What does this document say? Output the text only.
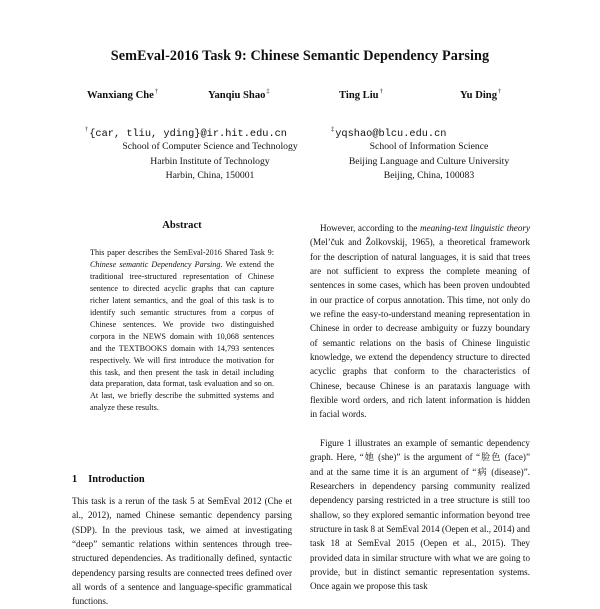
SemEval-2016 Task 9: Chinese Semantic Dependency Parsing
Wanxiang Che†	Yanqiu Shao‡	Ting Liu†	Yu Ding†
†{car, tliu, yding}@ir.hit.edu.cn	‡yqshao@blcu.edu.cn
School of Computer Science and Technology
Harbin Institute of Technology
Harbin, China, 150001
School of Information Science
Beijing Language and Culture University
Beijing, China, 100083
Abstract
This paper describes the SemEval-2016 Shared Task 9: Chinese semantic Dependency Parsing. We extend the traditional tree-structured representation of Chinese sentence to directed acyclic graphs that can capture richer latent semantics, and the goal of this task is to identify such semantic structures from a corpus of Chinese sentences. We provide two distinguished corpora in the NEWS domain with 10,068 sentences and the TEXTBOOKS domain with 14,793 sentences respectively. We will first introduce the motivation for this task, and then present the task in detail including data preparation, data format, task evaluation and so on. At last, we briefly describe the submitted systems and analyze these results.
1 Introduction

This task is a rerun of the task 5 at SemEval 2012 (Che et al., 2012), named Chinese semantic dependency parsing (SDP). In the previous task, we aimed at investigating “deep” semantic relations within sentences through tree-structured dependencies. As traditionally defined, syntactic dependency parsing results are connected trees defined over all words of a sentence and language-specific grammatical functions.

However, according to the meaning-text linguistic theory (Mel’čuk and Žolkovskij, 1965), a theoretical framework for the description of natural languages, it is said that trees are not sufficient to express the complete meaning of sentences in some cases, which has been proven undoubted in our practice of corpus annotation. This time, not only do we refine the easy-to-understand meaning representation in Chinese in order to decrease ambiguity or fuzzy boundary of semantic relations on the basis of Chinese linguistic knowledge, we extend the dependency structure to directed acyclic graphs that conform to the characteristics of Chinese, because Chinese is an parataxis language with flexible word orders, and rich latent information is hidden in facial words.

Figure 1 illustrates an example of semantic dependency graph. Here, “她 (she)” is the argument of “脸色 (face)” and at the same time it is an argument of “病 (disease)”. Researchers in dependency parsing community realized dependency parsing restricted in a tree structure is still too shallow, so they explored semantic information beyond tree structure in task 8 at SemEval 2014 (Oepen et al., 2014) and task 18 at SemEval 2015 (Oepen et al., 2015). They provided data in similar structure with what we are going to provide, but in distinct semantic representation systems. Once again we propose this task
